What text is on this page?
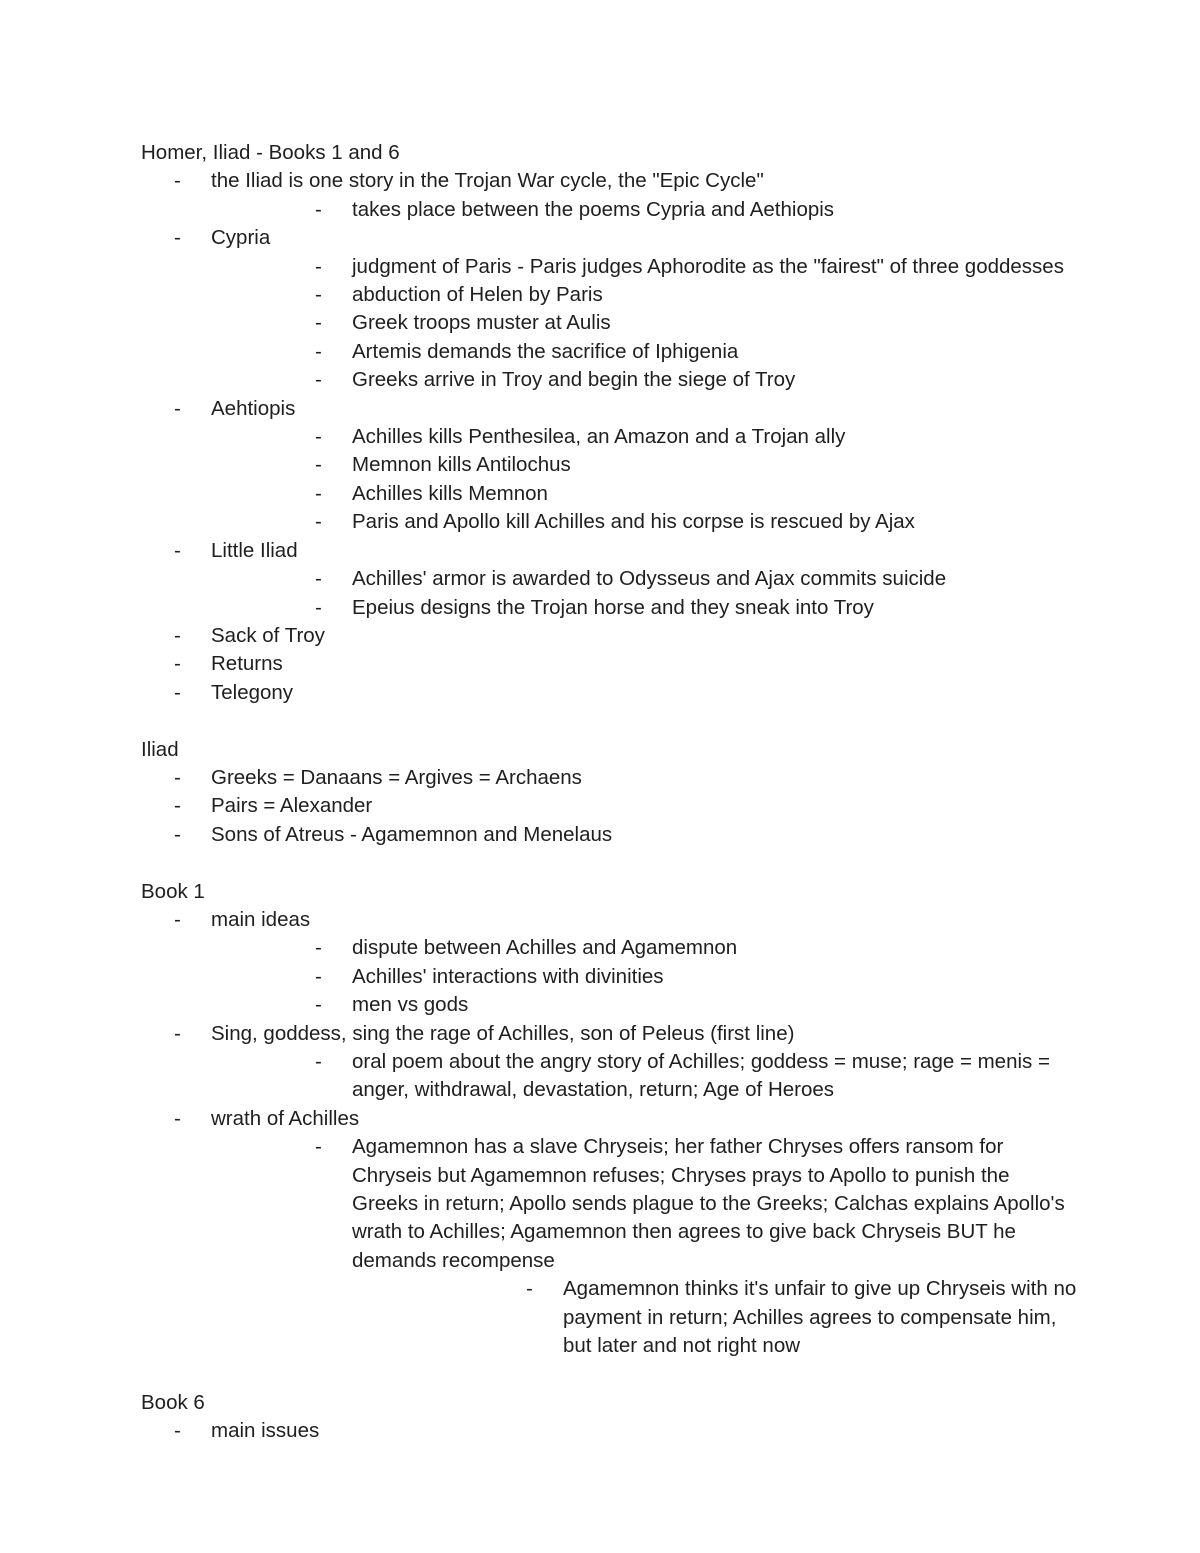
Homer, Iliad - Books 1 and 6
- the Iliad is one story in the Trojan War cycle, the "Epic Cycle"
- takes place between the poems Cypria and Aethiopis
- Cypria
- judgment of Paris - Paris judges Aphorodite as the "fairest" of three goddesses
- abduction of Helen by Paris
- Greek troops muster at Aulis
- Artemis demands the sacrifice of Iphigenia
- Greeks arrive in Troy and begin the siege of Troy
- Aehtiopis
- Achilles kills Penthesilea, an Amazon and a Trojan ally
- Memnon kills Antilochus
- Achilles kills Memnon
- Paris and Apollo kill Achilles and his corpse is rescued by Ajax
- Little Iliad
- Achilles' armor is awarded to Odysseus and Ajax commits suicide
- Epeius designs the Trojan horse and they sneak into Troy
- Sack of Troy
- Returns
- Telegony
Iliad
- Greeks = Danaans = Argives = Archaens
- Pairs = Alexander
- Sons of Atreus - Agamemnon and Menelaus
Book 1
- main ideas
- dispute between Achilles and Agamemnon
- Achilles' interactions with divinities
- men vs gods
- Sing, goddess, sing the rage of Achilles, son of Peleus (first line)
- oral poem about the angry story of Achilles; goddess = muse; rage = menis = anger, withdrawal, devastation, return; Age of Heroes
- wrath of Achilles
- Agamemnon has a slave Chryseis; her father Chryses offers ransom for Chryseis but Agamemnon refuses; Chryses prays to Apollo to punish the Greeks in return; Apollo sends plague to the Greeks; Calchas explains Apollo's wrath to Achilles; Agamemnon then agrees to give back Chryseis BUT he demands recompense
- Agamemnon thinks it's unfair to give up Chryseis with no payment in return; Achilles agrees to compensate him, but later and not right now
Book 6
- main issues
